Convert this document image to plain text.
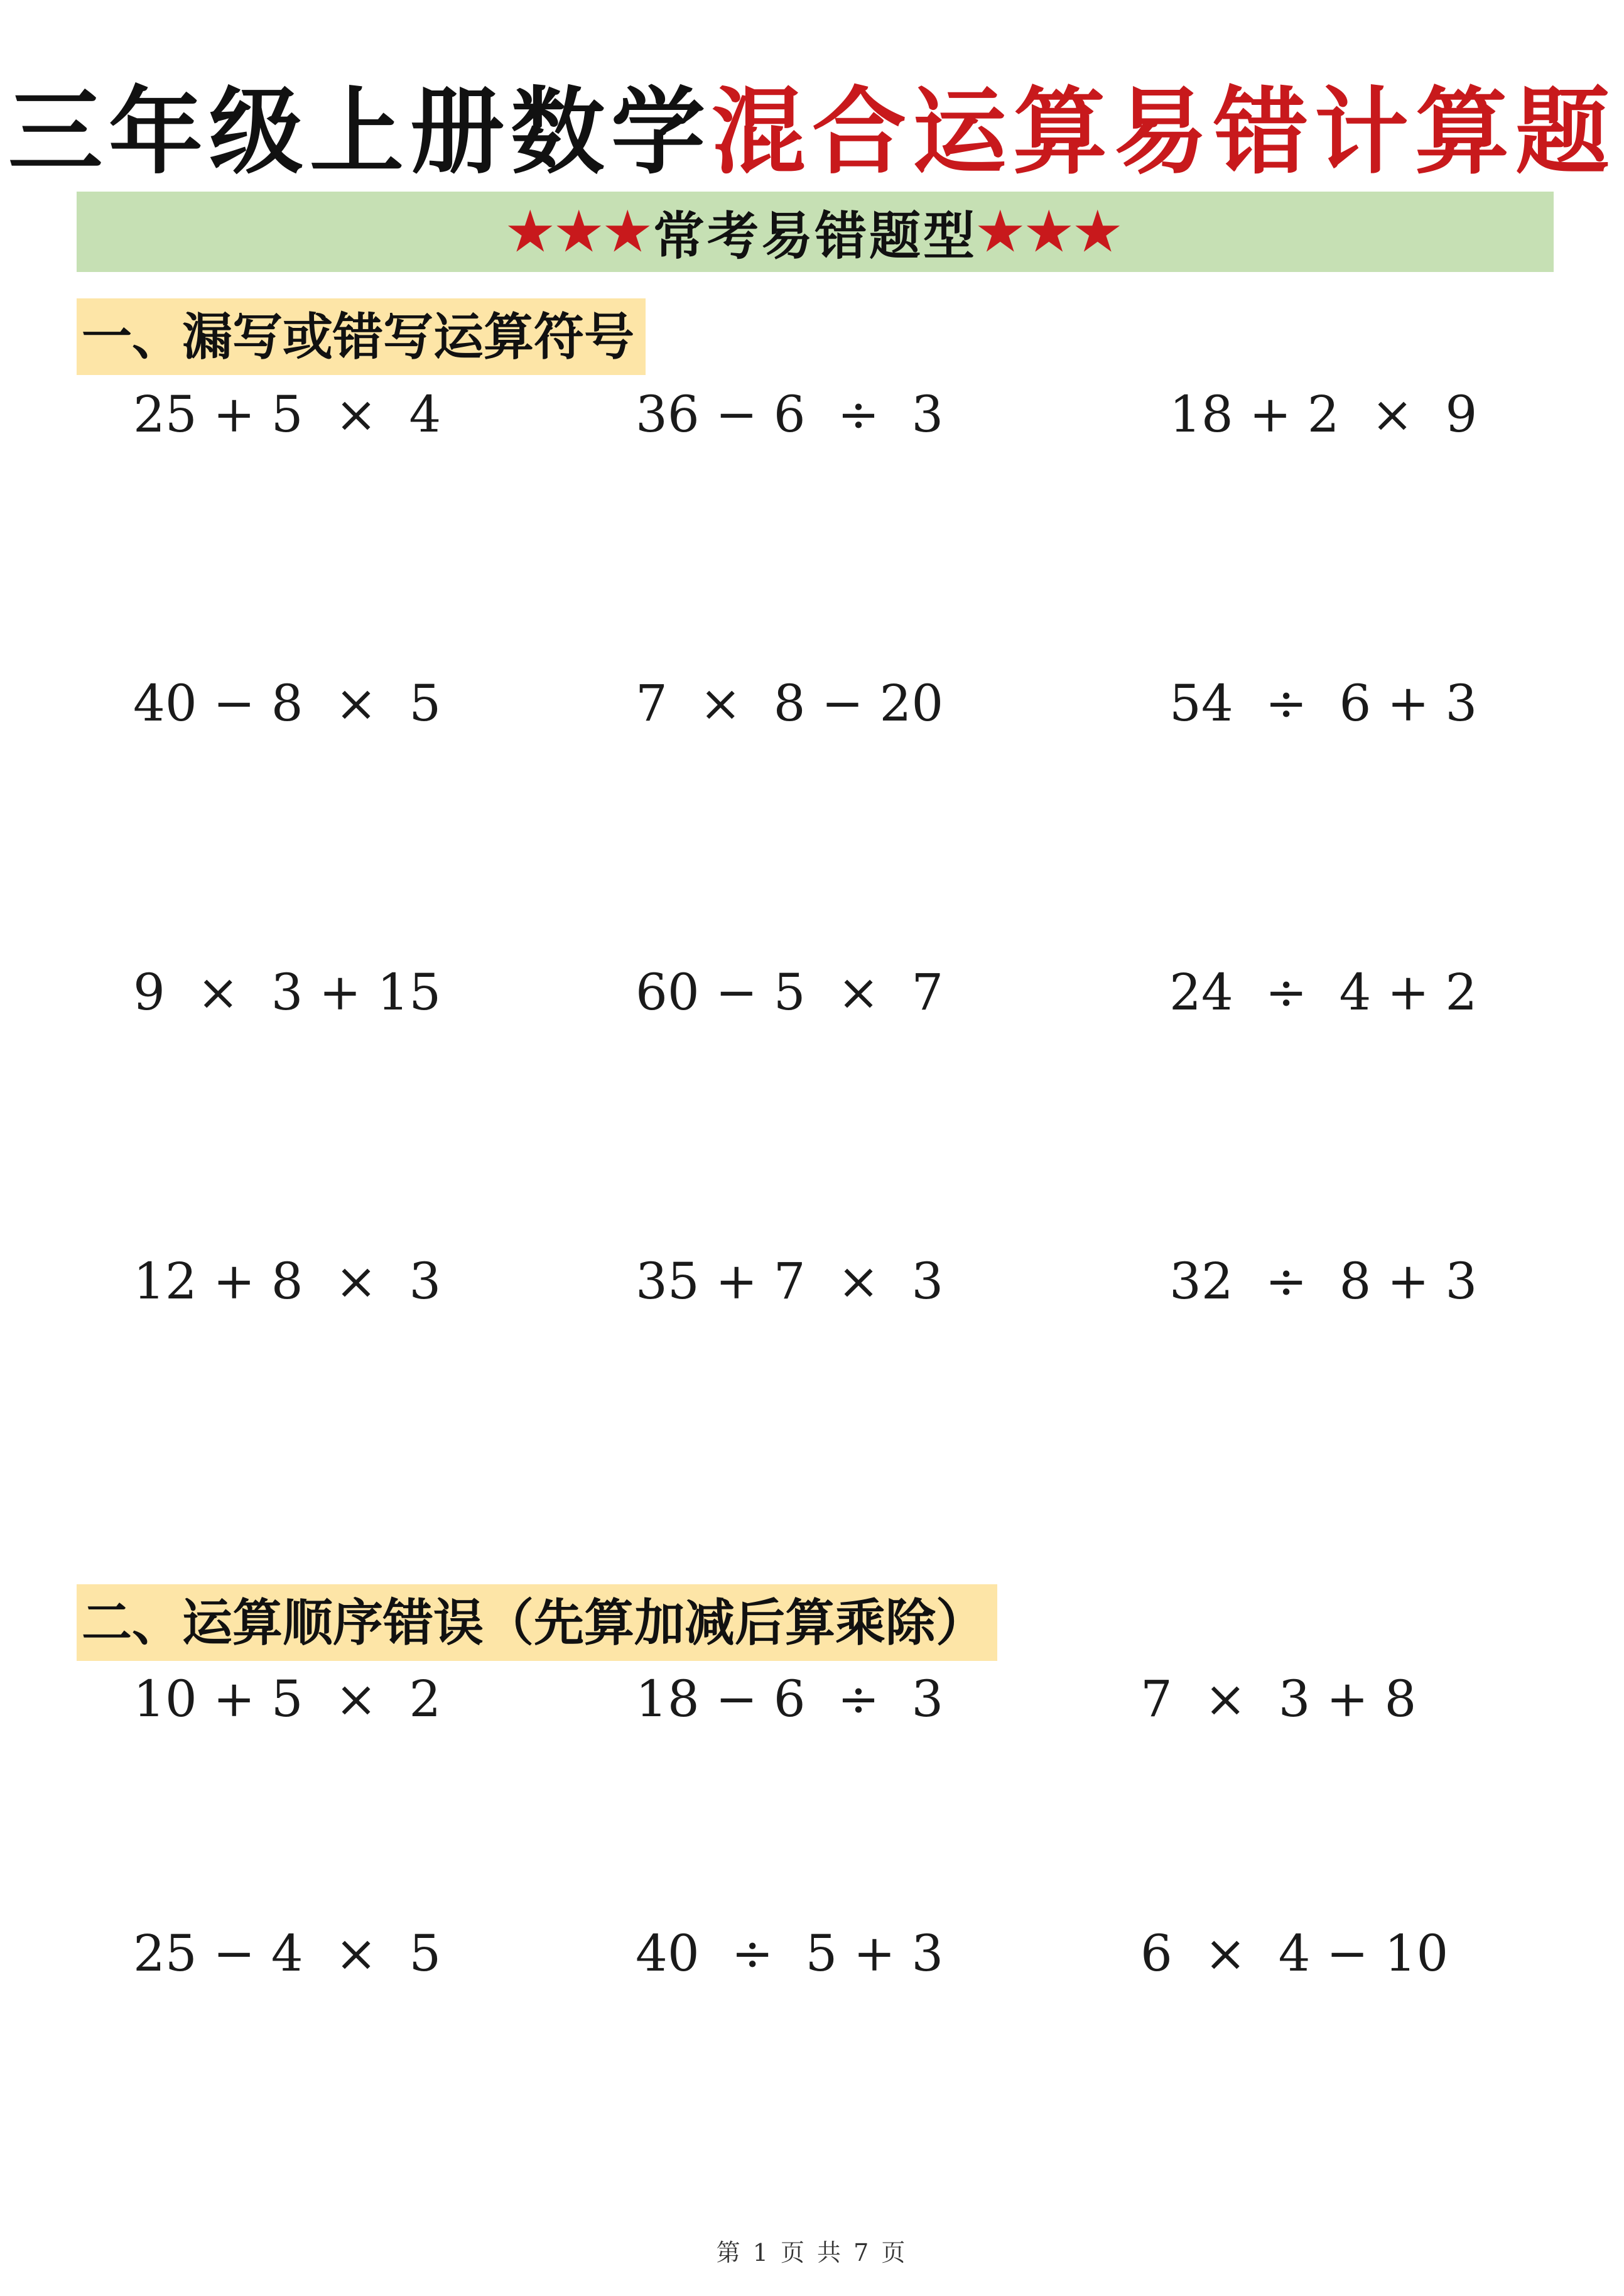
三年级上册数学混合运算易错计算题
★★★ 常考易错题型 ★★★
一、漏写或错写运算符号
25 + 5  ×  4	36 − 6  ÷  3	18 + 2  ×  9
40 − 8  ×  5	7  ×  8 − 20	54  ÷  6 + 3
9  ×  3 + 15	60 − 5  ×  7	24  ÷  4 + 2
12 + 8  ×  3	35 + 7  ×  3	32  ÷  8 + 3
二、运算顺序错误（先算加减后算乘除）
10 + 5  ×  2	18 − 6  ÷  3	7  ×  3 + 8
25 − 4  ×  5	40  ÷  5 + 3	6  ×  4 − 10
第 1 页 共 7 页
